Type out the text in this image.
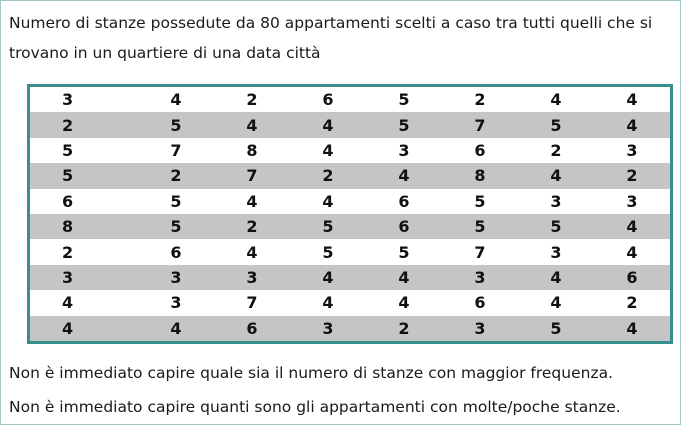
Numero di stanze possedute da 80 appartamenti scelti a caso tra tutti quelli che si trovano in un quartiere di una data città

3	4	2	6	5	2	4	4
2	5	4	4	5	7	5	4
5	7	8	4	3	6	2	3
5	2	7	2	4	8	4	2
6	5	4	4	6	5	3	3
8	5	2	5	6	5	5	4
2	6	4	5	5	7	3	4
3	3	3	4	4	3	4	6
4	3	7	4	4	6	4	2
4	4	6	3	2	3	5	4

Non è immediato capire quale sia il numero di stanze con maggior frequenza.

Non è immediato capire quanti sono gli appartamenti con molte/poche stanze.
